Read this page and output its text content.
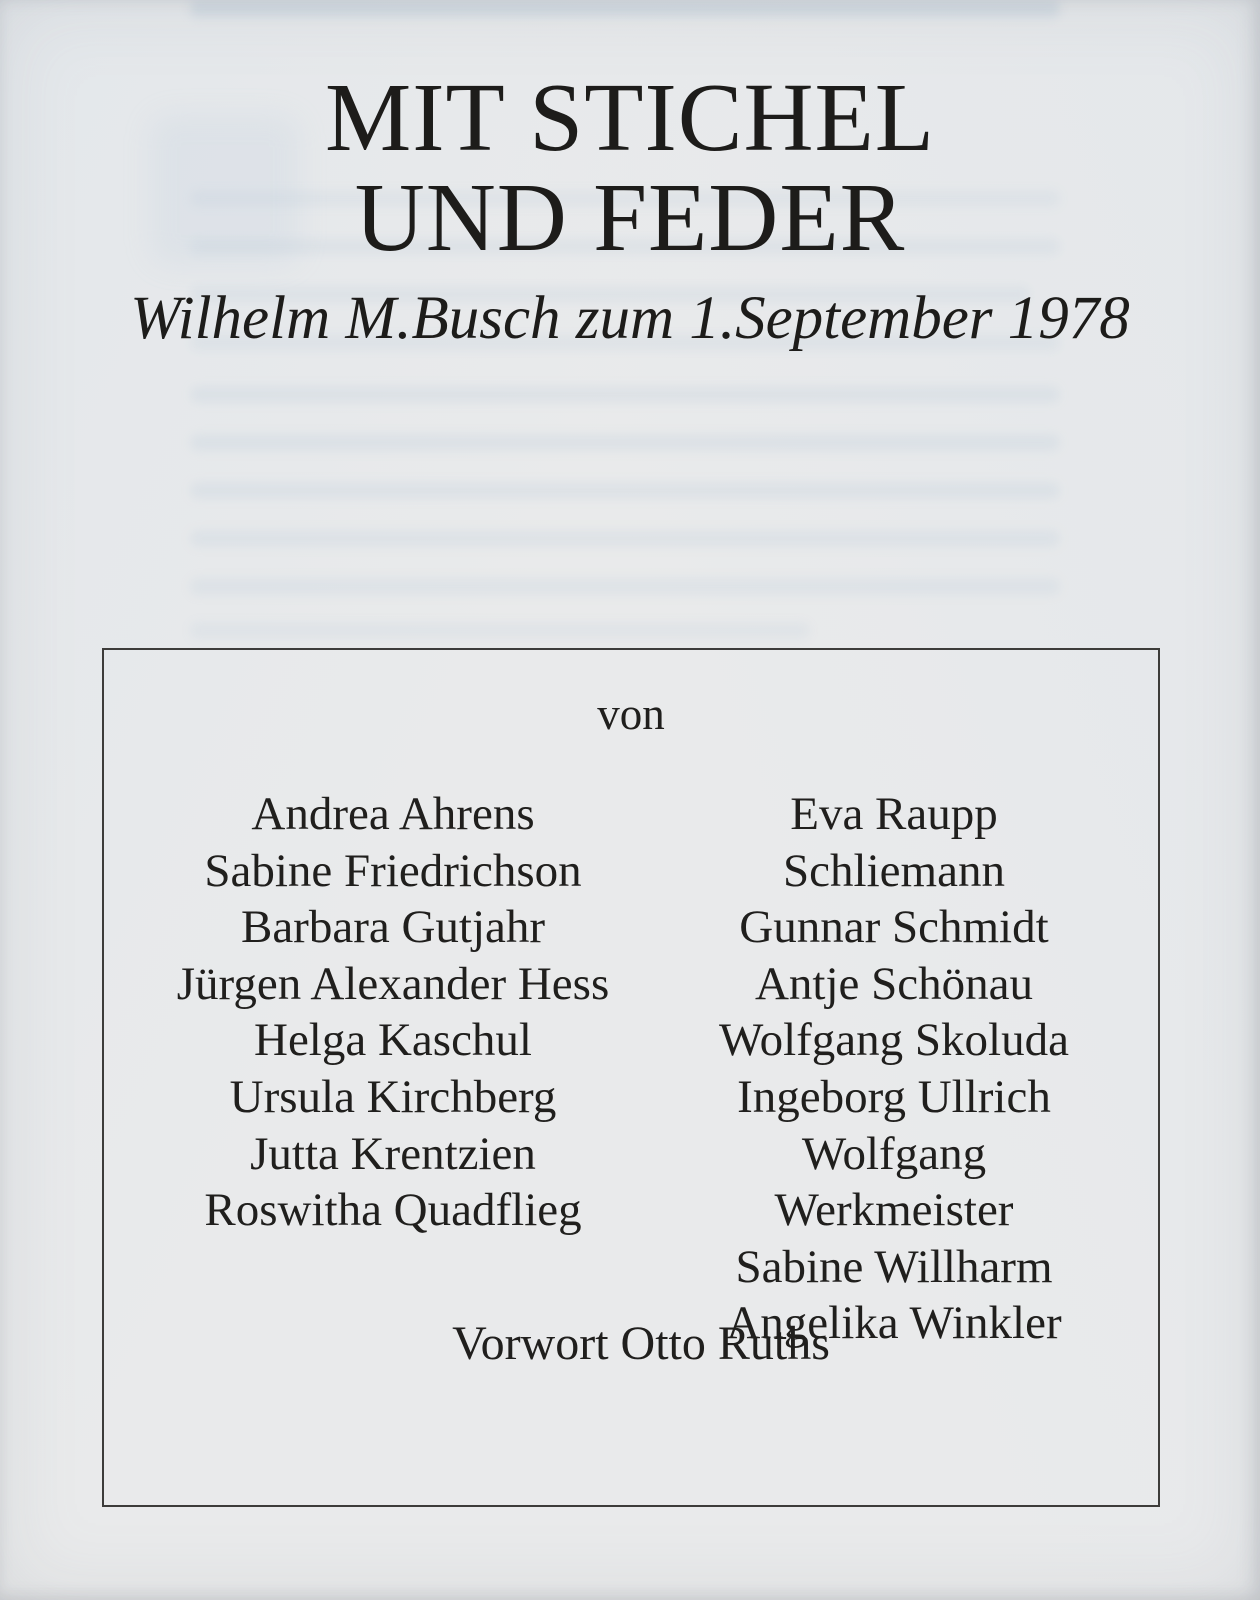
MIT STICHEL
UND FEDER
Wilhelm M.Busch zum 1.September 1978
von
Andrea Ahrens
Sabine Friedrichson
Barbara Gutjahr
Jürgen Alexander Hess
Helga Kaschul
Ursula Kirchberg
Jutta Krentzien
Roswitha Quadflieg
Eva Raupp Schliemann
Gunnar Schmidt
Antje Schönau
Wolfgang Skoluda
Ingeborg Ullrich
Wolfgang Werkmeister
Sabine Willharm
Angelika Winkler
Vorwort Otto Ruths
